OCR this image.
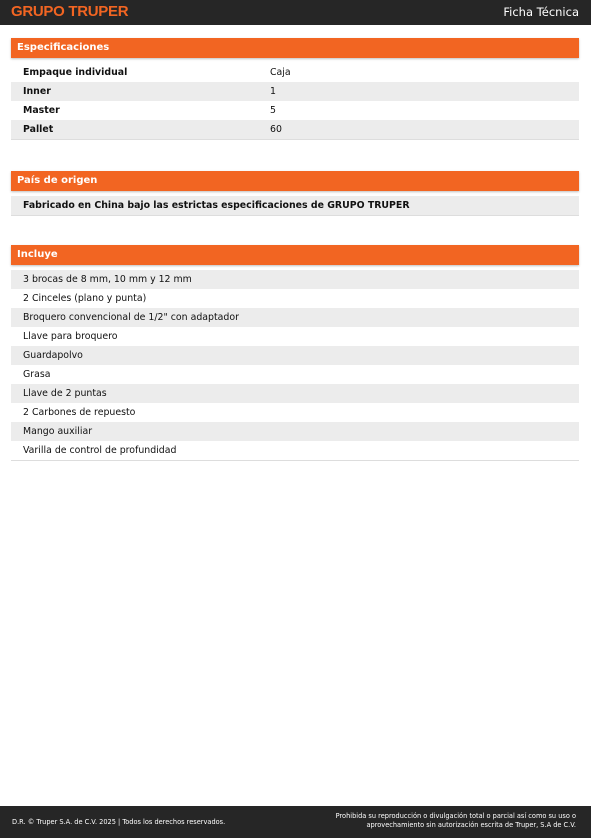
GRUPO TRUPER	Ficha Técnica
Especificaciones
Empaque individual	Caja
Inner	1
Master	5
Pallet	60
País de origen
Fabricado en China bajo las estrictas especificaciones de GRUPO TRUPER
Incluye
3 brocas de 8 mm, 10 mm y 12 mm
2 Cinceles (plano y punta)
Broquero convencional de 1/2" con adaptador
Llave para broquero
Guardapolvo
Grasa
Llave de 2 puntas
2 Carbones de repuesto
Mango auxiliar
Varilla de control de profundidad
D.R. © Truper S.A. de C.V. 2025 | Todos los derechos reservados.
Prohibida su reproducción o divulgación total o parcial así como su uso o
aprovechamiento sin autorización escrita de Truper, S.A de C.V.
